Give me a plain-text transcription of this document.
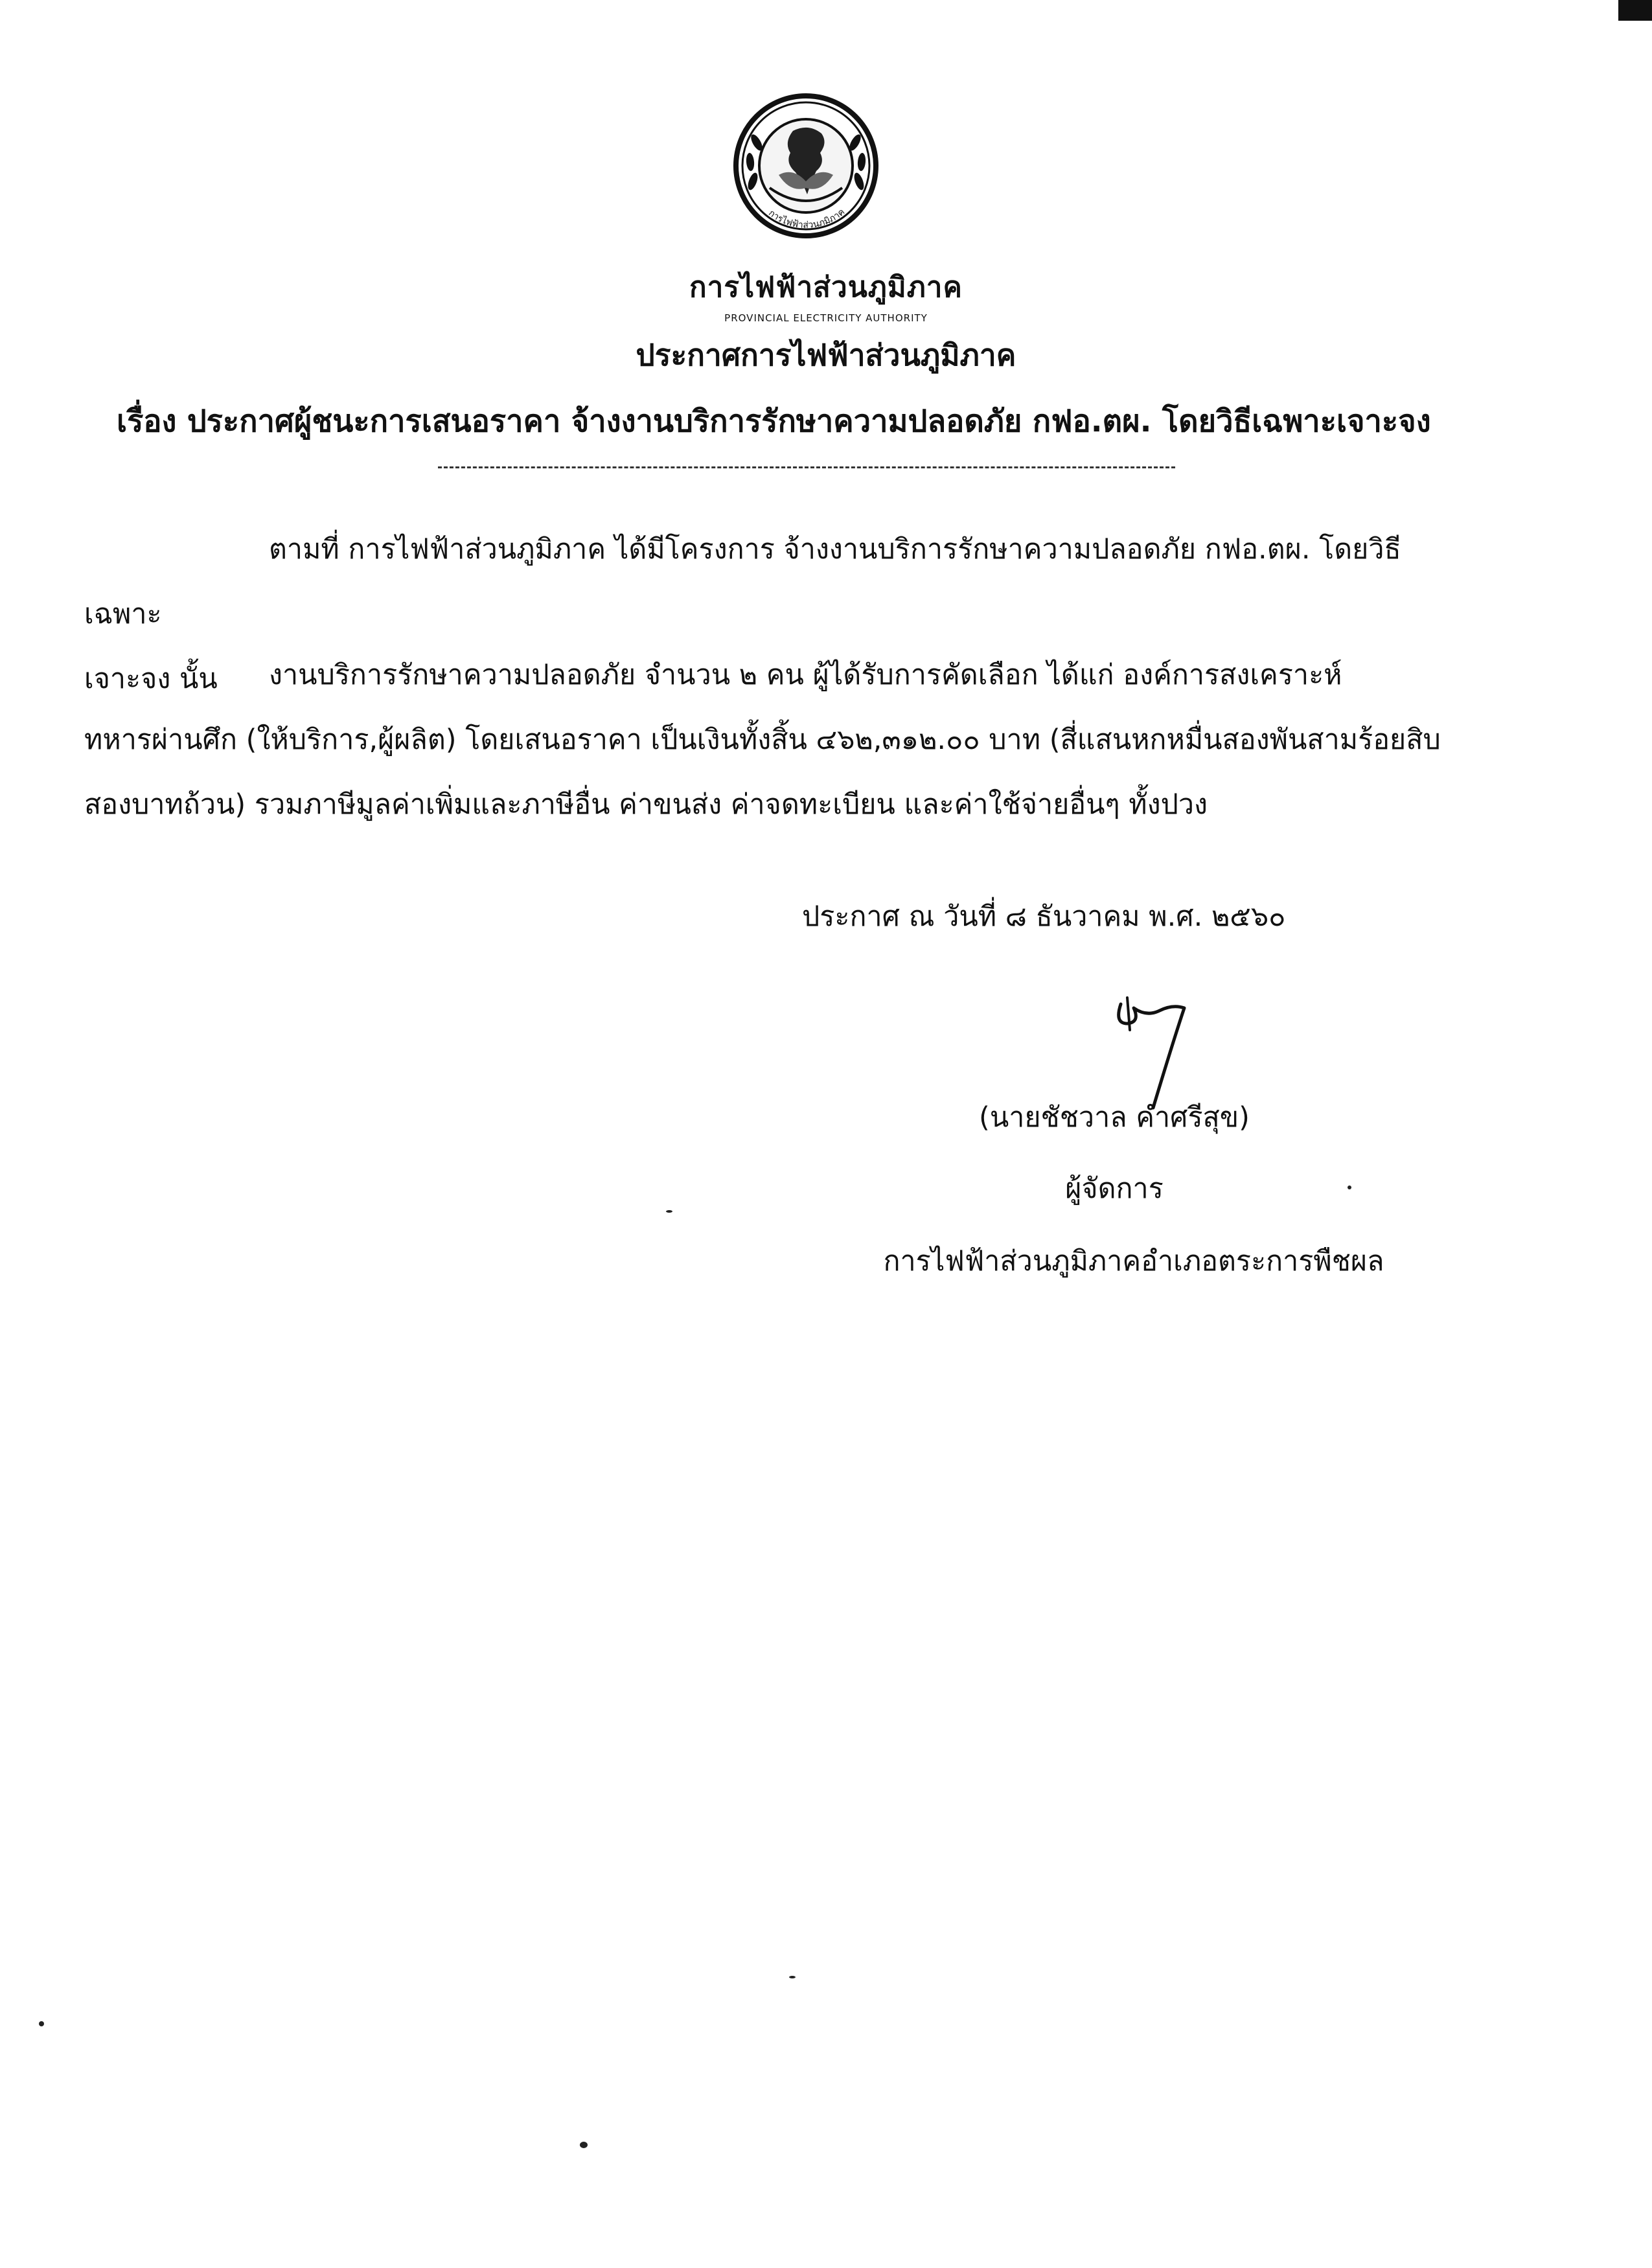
การไฟฟ้าส่วนภูมิภาค
การไฟฟ้าส่วนภูมิภาค
PROVINCIAL ELECTRICITY AUTHORITY
ประกาศการไฟฟ้าส่วนภูมิภาค
เรื่อง ประกาศผู้ชนะการเสนอราคา จ้างงานบริการรักษาความปลอดภัย กฟอ.ตผ. โดยวิธีเฉพาะเจาะจง
ตามที่ การไฟฟ้าส่วนภูมิภาค ได้มีโครงการ จ้างงานบริการรักษาความปลอดภัย กฟอ.ตผ. โดยวิธีเฉพาะ
เจาะจง นั้น	งานบริการรักษาความปลอดภัย จำนวน ๒ คน ผู้ได้รับการคัดเลือก ได้แก่ องค์การสงเคราะห์
ทหารผ่านศึก (ให้บริการ,ผู้ผลิต) โดยเสนอราคา เป็นเงินทั้งสิ้น ๔๖๒,๓๑๒.๐๐ บาท (สี่แสนหกหมื่นสองพันสามร้อยสิบ
สองบาทถ้วน) รวมภาษีมูลค่าเพิ่มและภาษีอื่น ค่าขนส่ง ค่าจดทะเบียน และค่าใช้จ่ายอื่นๆ ทั้งปวง
ประกาศ ณ วันที่ ๘ ธันวาคม พ.ศ. ๒๕๖๐
(นายชัชวาล คำศรีสุข)
ผู้จัดการ
การไฟฟ้าส่วนภูมิภาคอำเภอตระการพืชผล
